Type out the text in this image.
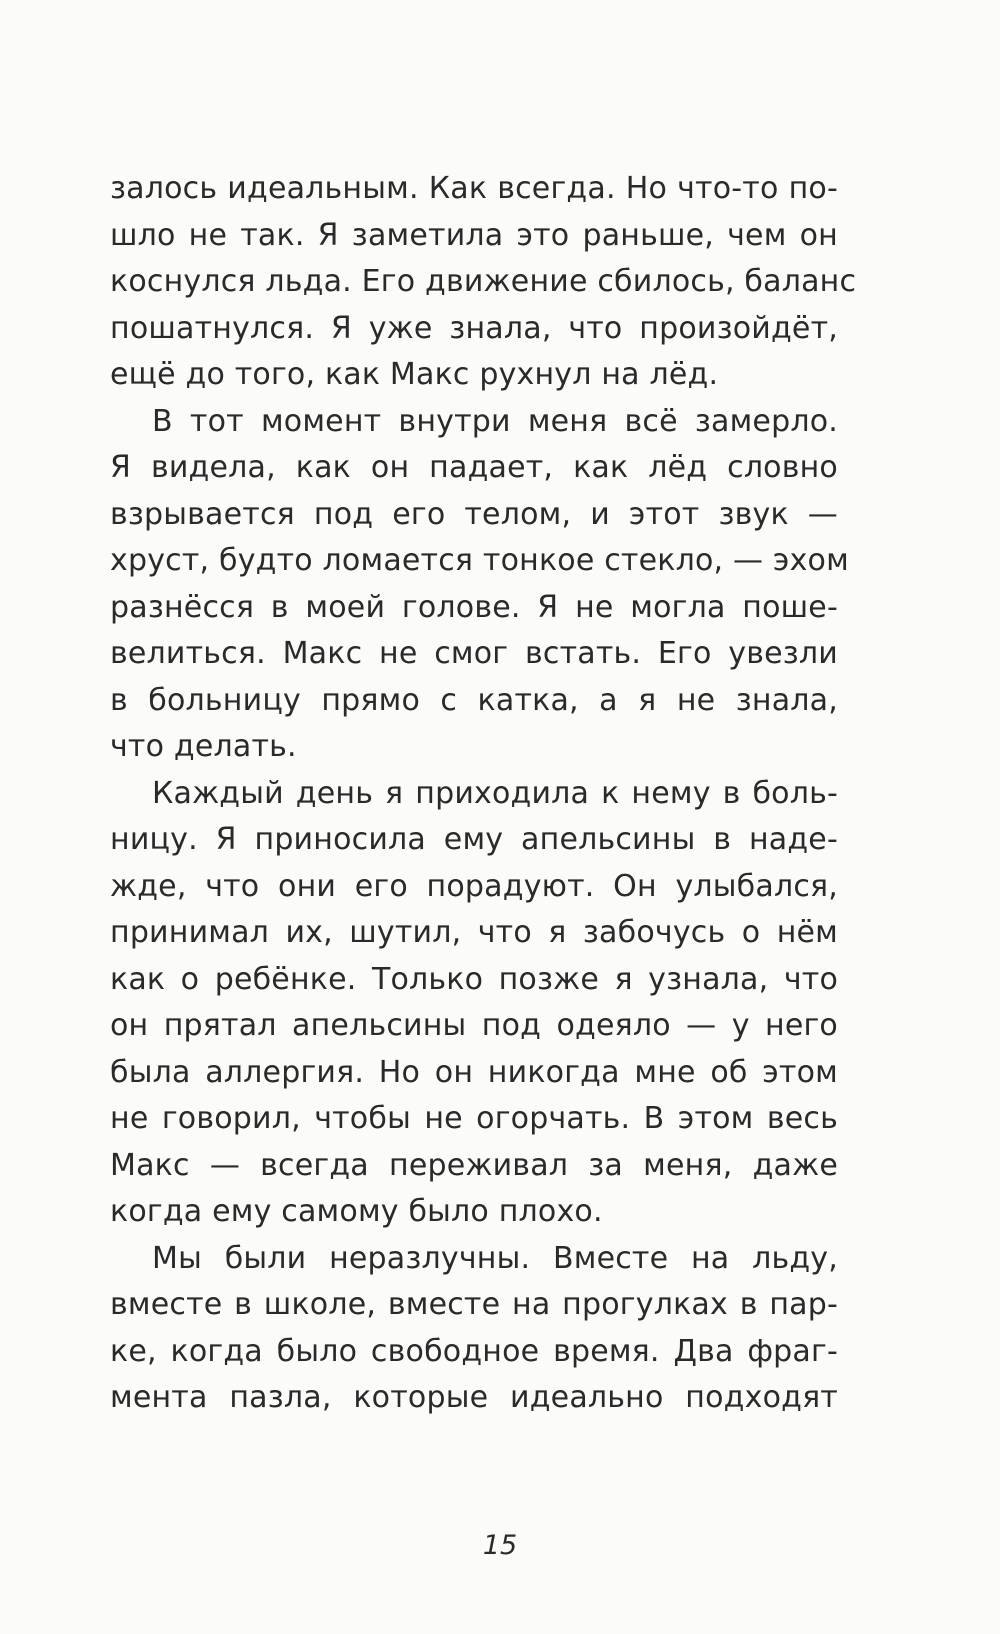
залось идеальным. Как всегда. Но что-то по-
шло не так. Я заметила это раньше, чем он
коснулся льда. Его движение сбилось, баланс
пошатнулся. Я уже знала, что произойдёт,
ещё до того, как Макс рухнул на лёд.

В тот момент внутри меня всё замерло.
Я видела, как он падает, как лёд словно
взрывается под его телом, и этот звук —
хруст, будто ломается тонкое стекло, — эхом
разнёсся в моей голове. Я не могла поше-
велиться. Макс не смог встать. Его увезли
в больницу прямо с катка, а я не знала,
что делать.

Каждый день я приходила к нему в боль-
ницу. Я приносила ему апельсины в наде-
жде, что они его порадуют. Он улыбался,
принимал их, шутил, что я забочусь о нём
как о ребёнке. Только позже я узнала, что
он прятал апельсины под одеяло — у него
была аллергия. Но он никогда мне об этом
не говорил, чтобы не огорчать. В этом весь
Макс — всегда переживал за меня, даже
когда ему самому было плохо.

Мы были неразлучны. Вместе на льду,
вместе в школе, вместе на прогулках в пар-
ке, когда было свободное время. Два фраг-
мента пазла, которые идеально подходят

15
